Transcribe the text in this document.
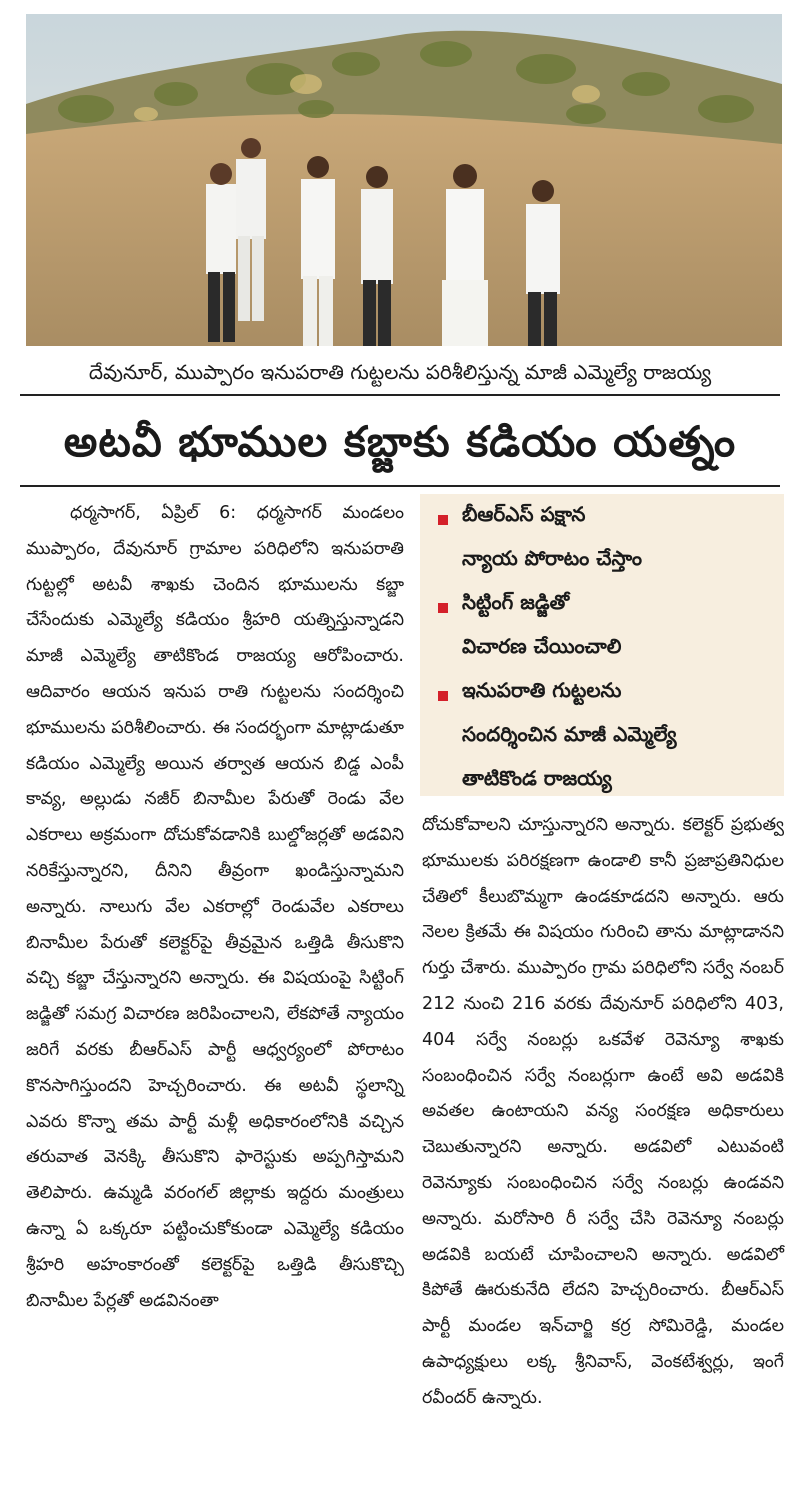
దేవునూర్, ముప్పారం ఇనుపరాతి గుట్టలను పరిశీలిస్తున్న మాజీ ఎమ్మెల్యే రాజయ్య
అటవీ భూముల కబ్జాకు కడియం యత్నం

ధర్మసాగర్, ఏప్రిల్ 6: ధర్మసాగర్ మండలం ముప్పారం, దేవునూర్ గ్రామాల పరిధిలోని ఇనుపరాతి గుట్టల్లో అటవీ శాఖకు చెందిన భూములను కబ్జా చేసేందుకు ఎమ్మెల్యే కడియం శ్రీహరి యత్నిస్తున్నాడని మాజీ ఎమ్మెల్యే తాటికొండ రాజయ్య ఆరోపించారు. ఆదివారం ఆయన ఇనుప రాతి గుట్టలను సందర్శించి భూములను పరిశీలించారు. ఈ సందర్భంగా మాట్లాడుతూ కడియం ఎమ్మెల్యే అయిన తర్వాత ఆయన బిడ్డ ఎంపీ కావ్య, అల్లుడు నజీర్ బినామీల పేరుతో రెండు వేల ఎకరాలు అక్రమంగా దోచుకోవడానికి బుల్డోజర్లతో అడవిని నరికేస్తున్నారని, దీనిని తీవ్రంగా ఖండిస్తున్నామని అన్నారు. నాలుగు వేల ఎకరాల్లో రెండువేల ఎకరాలు బినామీల పేరుతో కలెక్టర్‌పై తీవ్రమైన ఒత్తిడి తీసుకొని వచ్చి కబ్జా చేస్తున్నారని అన్నారు. ఈ విషయంపై సిట్టింగ్ జడ్జితో సమగ్ర విచారణ జరిపించాలని, లేకపోతే న్యాయం జరిగే వరకు బీఆర్ఎస్ పార్టీ ఆధ్వర్యంలో పోరాటం కొనసాగిస్తుందని హెచ్చరించారు. ఈ అటవీ స్థలాన్ని ఎవరు కొన్నా తమ పార్టీ మళ్లీ అధికారంలోనికి వచ్చిన తరువాత వెనక్కి తీసుకొని ఫారెస్టుకు అప్పగిస్తామని తెలిపారు. ఉమ్మడి వరంగల్ జిల్లాకు ఇద్దరు మంత్రులు ఉన్నా ఏ ఒక్కరూ పట్టించుకోకుండా ఎమ్మెల్యే కడియం శ్రీహరి అహంకారంతో కలెక్టర్‌పై ఒత్తిడి తీసుకొచ్చి బినామీల పేర్లతో అడవినంతా

బీఆర్ఎస్ పక్షాన
న్యాయ పోరాటం చేస్తాం
సిట్టింగ్ జడ్జితో
విచారణ చేయించాలి
ఇనుపరాతి గుట్టలను
సందర్శించిన మాజీ ఎమ్మెల్యే
తాటికొండ రాజయ్య

దోచుకోవాలని చూస్తున్నారని అన్నారు. కలెక్టర్ ప్రభుత్వ భూములకు పరిరక్షణగా ఉండాలి కానీ ప్రజాప్రతినిధుల చేతిలో కీలుబొమ్మగా ఉండకూడదని అన్నారు. ఆరు నెలల క్రితమే ఈ విషయం గురించి తాను మాట్లాడానని గుర్తు చేశారు. ముప్పారం గ్రామ పరిధిలోని సర్వే నంబర్ 212 నుంచి 216 వరకు దేవునూర్ పరిధిలోని 403, 404 సర్వే నంబర్లు ఒకవేళ రెవెన్యూ శాఖకు సంబంధించిన సర్వే నంబర్లుగా ఉంటే అవి అడవికి అవతల ఉంటాయని వన్య సంరక్షణ అధికారులు చెబుతున్నారని అన్నారు. అడవిలో ఎటువంటి రెవెన్యూకు సంబంధించిన సర్వే నంబర్లు ఉండవని అన్నారు. మరోసారి రీ సర్వే చేసి రెవెన్యూ నంబర్లు అడవికి బయటే చూపించాలని అన్నారు. అడవిలో కిపోతే ఊరుకునేది లేదని హెచ్చరించారు. బీఆర్ఎస్ పార్టీ మండల ఇన్‌చార్జి కర్ర సోమిరెడ్డి, మండల ఉపాధ్యక్షులు లక్క శ్రీనివాస్, వెంకటేశ్వర్లు, ఇంగే రవీందర్ ఉన్నారు.
